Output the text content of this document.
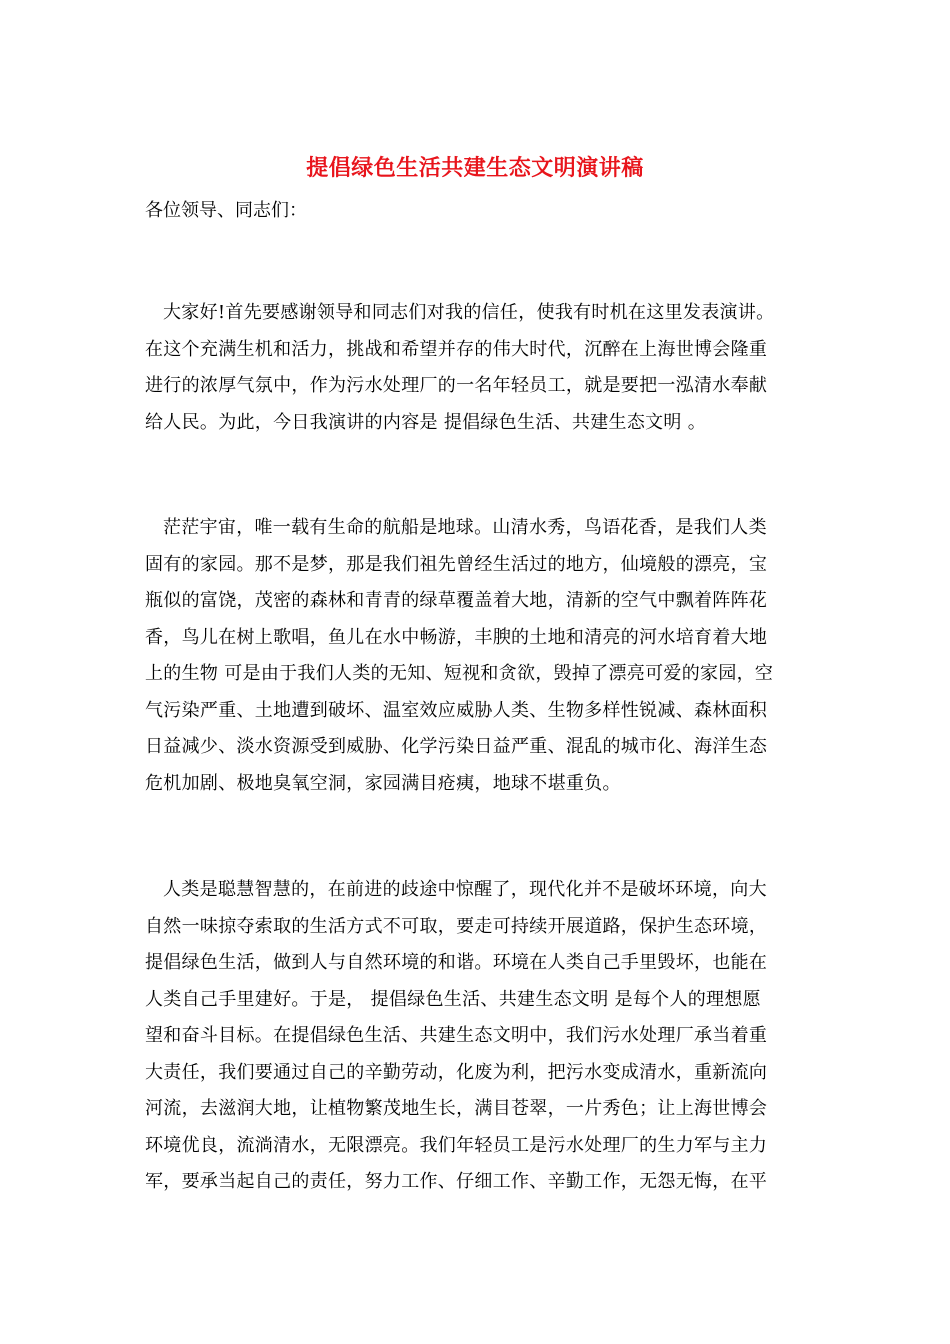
提倡绿色生活共建生态文明演讲稿
各位领导、同志们：
大家好!首先要感谢领导和同志们对我的信任，使我有时机在这里发表演讲。
在这个充满生机和活力，挑战和希望并存的伟大时代，沉醉在上海世博会隆重
进行的浓厚气氛中，作为污水处理厂的一名年轻员工，就是要把一泓清水奉献
给人民。为此，今日我演讲的内容是 提倡绿色生活、共建生态文明 。
茫茫宇宙，唯一载有生命的航船是地球。山清水秀，鸟语花香，是我们人类
固有的家园。那不是梦，那是我们祖先曾经生活过的地方，仙境般的漂亮，宝
瓶似的富饶，茂密的森林和青青的绿草覆盖着大地，清新的空气中飘着阵阵花
香，鸟儿在树上歌唱，鱼儿在水中畅游，丰腴的土地和清亮的河水培育着大地
上的生物 可是由于我们人类的无知、短视和贪欲，毁掉了漂亮可爱的家园，空
气污染严重、土地遭到破坏、温室效应威胁人类、生物多样性锐减、森林面积
日益减少、淡水资源受到威胁、化学污染日益严重、混乱的城市化、海洋生态
危机加剧、极地臭氧空洞，家园满目疮痍，地球不堪重负。
人类是聪慧智慧的，在前进的歧途中惊醒了，现代化并不是破坏环境，向大
自然一味掠夺索取的生活方式不可取，要走可持续开展道路，保护生态环境，
提倡绿色生活，做到人与自然环境的和谐。环境在人类自己手里毁坏，也能在
人类自己手里建好。于是， 提倡绿色生活、共建生态文明 是每个人的理想愿
望和奋斗目标。在提倡绿色生活、共建生态文明中，我们污水处理厂承当着重
大责任，我们要通过自己的辛勤劳动，化废为利，把污水变成清水，重新流向
河流，去滋润大地，让植物繁茂地生长，满目苍翠，一片秀色；让上海世博会
环境优良，流淌清水，无限漂亮。我们年轻员工是污水处理厂的生力军与主力
军，要承当起自己的责任，努力工作、仔细工作、辛勤工作，无怨无悔，在平
